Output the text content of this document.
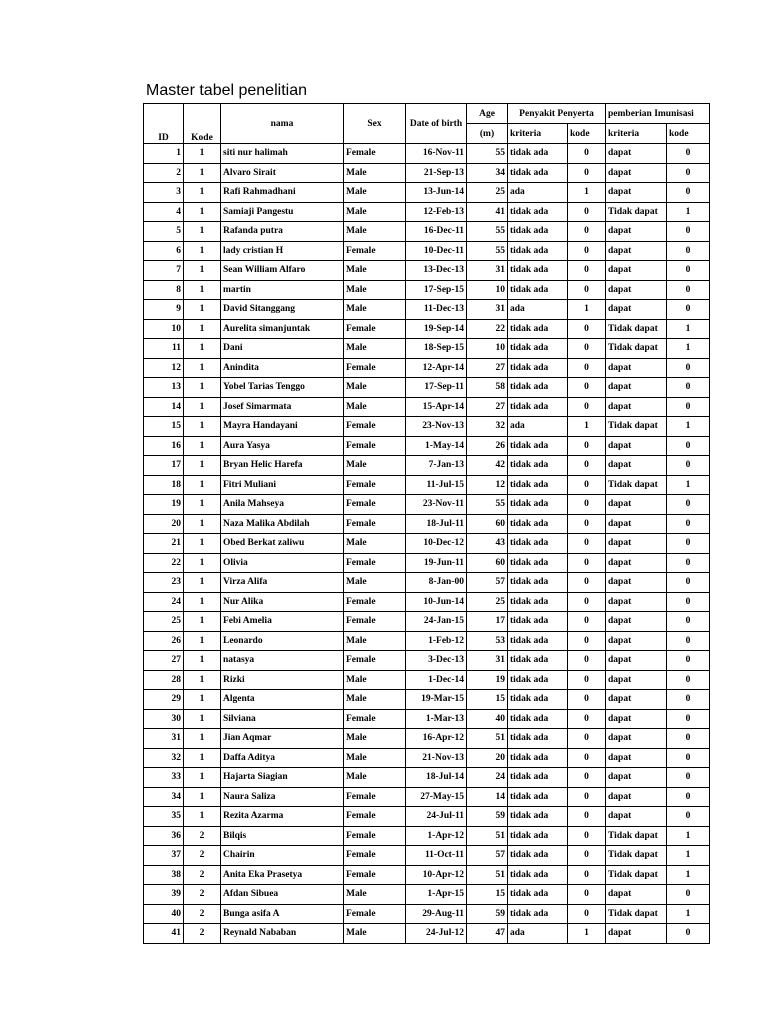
Master tabel penelitian
ID	Kode	nama	Sex	Date of birth	Age	Penyakit Penyerta		pemberian Imunisasi	
					(m)	kriteria	kode	kriteria	kode
1	1	siti nur halimah	Female	16-Nov-11	55	tidak ada	0	dapat	0
2	1	Alvaro Sirait	Male	21-Sep-13	34	tidak ada	0	dapat	0
3	1	Rafi Rahmadhani	Male	13-Jun-14	25	ada	1	dapat	0
4	1	Samiaji Pangestu	Male	12-Feb-13	41	tidak ada	0	Tidak dapat	1
5	1	Rafanda putra	Male	16-Dec-11	55	tidak ada	0	dapat	0
6	1	lady cristian H	Female	10-Dec-11	55	tidak ada	0	dapat	0
7	1	Sean William Alfaro	Male	13-Dec-13	31	tidak ada	0	dapat	0
8	1	martin	Male	17-Sep-15	10	tidak ada	0	dapat	0
9	1	David Sitanggang	Male	11-Dec-13	31	ada	1	dapat	0
10	1	Aurelita simanjuntak	Female	19-Sep-14	22	tidak ada	0	Tidak dapat	1
11	1	Dani	Male	18-Sep-15	10	tidak ada	0	Tidak dapat	1
12	1	Anindita	Female	12-Apr-14	27	tidak ada	0	dapat	0
13	1	Yobel Tarias Tenggo	Male	17-Sep-11	58	tidak ada	0	dapat	0
14	1	Josef Simarmata	Male	15-Apr-14	27	tidak ada	0	dapat	0
15	1	Mayra Handayani	Female	23-Nov-13	32	ada	1	Tidak dapat	1
16	1	Aura Yasya	Female	1-May-14	26	tidak ada	0	dapat	0
17	1	Bryan Helic Harefa	Male	7-Jan-13	42	tidak ada	0	dapat	0
18	1	Fitri Muliani	Female	11-Jul-15	12	tidak ada	0	Tidak dapat	1
19	1	Anila Mahseya	Female	23-Nov-11	55	tidak ada	0	dapat	0
20	1	Naza Malika Abdilah	Female	18-Jul-11	60	tidak ada	0	dapat	0
21	1	Obed Berkat zaliwu	Male	10-Dec-12	43	tidak ada	0	dapat	0
22	1	Olivia	Female	19-Jun-11	60	tidak ada	0	dapat	0
23	1	Virza Alifa	Male	8-Jan-00	57	tidak ada	0	dapat	0
24	1	Nur Alika	Female	10-Jun-14	25	tidak ada	0	dapat	0
25	1	Febi Amelia	Female	24-Jan-15	17	tidak ada	0	dapat	0
26	1	Leonardo	Male	1-Feb-12	53	tidak ada	0	dapat	0
27	1	natasya	Female	3-Dec-13	31	tidak ada	0	dapat	0
28	1	Rizki	Male	1-Dec-14	19	tidak ada	0	dapat	0
29	1	Algenta	Male	19-Mar-15	15	tidak ada	0	dapat	0
30	1	Silviana	Female	1-Mar-13	40	tidak ada	0	dapat	0
31	1	Jian Aqmar	Male	16-Apr-12	51	tidak ada	0	dapat	0
32	1	Daffa Aditya	Male	21-Nov-13	20	tidak ada	0	dapat	0
33	1	Hajarta Siagian	Male	18-Jul-14	24	tidak ada	0	dapat	0
34	1	Naura Saliza	Female	27-May-15	14	tidak ada	0	dapat	0
35	1	Rezita Azarma	Female	24-Jul-11	59	tidak ada	0	dapat	0
36	2	Bilqis	Female	1-Apr-12	51	tidak ada	0	Tidak dapat	1
37	2	Chairin	Female	11-Oct-11	57	tidak ada	0	Tidak dapat	1
38	2	Anita Eka Prasetya	Female	10-Apr-12	51	tidak ada	0	Tidak dapat	1
39	2	Afdan Sibuea	Male	1-Apr-15	15	tidak ada	0	dapat	0
40	2	Bunga asifa A	Female	29-Aug-11	59	tidak ada	0	Tidak dapat	1
41	2	Reynald Nababan	Male	24-Jul-12	47	ada	1	dapat	0
